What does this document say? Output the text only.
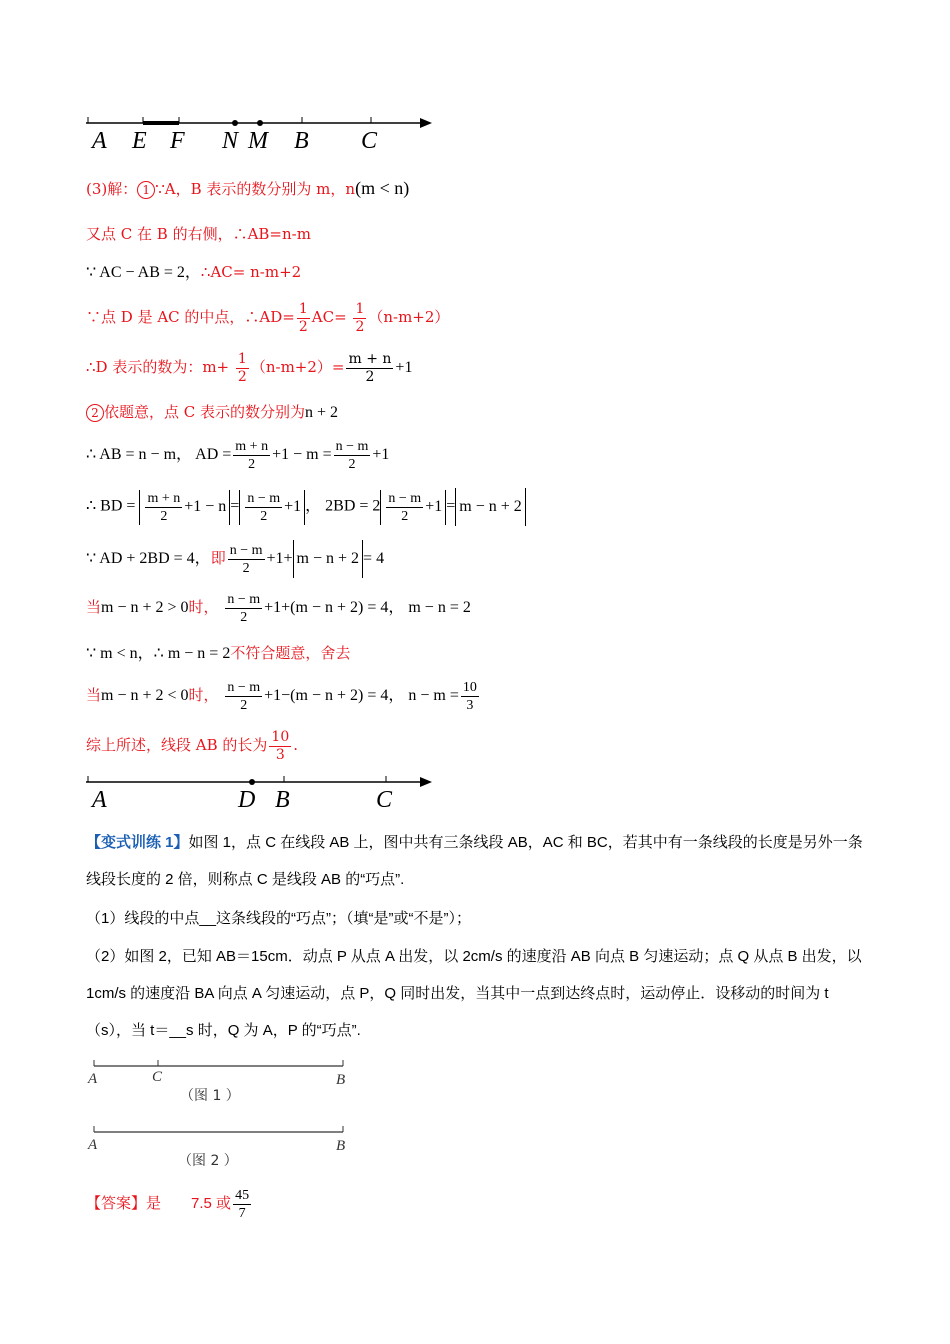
A E F N M B C
(3)解： 1 ∵A，B 表示的数分别为 m，n(m < n)
又点 C 在 B 的右侧，∴AB=n-m
∵ AC − AB = 2，∴AC= n-m+2
∵点 D 是 AC 的中点，∴AD= $\frac{1}{2} AC= \frac{1}{2} (n-m+2)$
∴D 表示的数为：$m+ \frac{1}{2} (n-m+2)= \frac{m + n}{2} +1$
2 依题意，点 C 表示的数分别为n + 2
∴ AB = n − m， AD = $\frac{m + n}{2} +1 - m = \frac{n - m}{2} +1$
∴ BD = $\frac{m + n}{2} +1 - n = \frac{n - m}{2} +1$ ， $2BD = 2 \frac{n - m}{2} +1 = m - n + 2$
∵ AD + 2BD = 4，即 $\frac{n - m}{2} +1+ m - n + 2 = 4$
当m − n + 2 > 0时， $\frac{n - m}{2} +1+(m - n + 2) = 4$， m − n = 2
∵ m < n，∴ m − n = 2不符合题意，舍去
当m − n + 2 < 0时， $\frac{n - m}{2} +1-(m - n + 2) = 4$， $n - m = \frac{10}{3}$
综上所述，线段 AB 的长为 $\frac{10}{3}$ .
A	D B	C
【变式训练 1】如图 1，点 C 在线段 AB 上，图中共有三条线段 AB，AC 和 BC，若其中有一条线段的长度是另外一条线段长度的 2 倍，则称点 C 是线段 AB 的“巧点”.
（1）线段的中点__这条线段的“巧点”；（填“是”或“不是”）；
（2）如图 2，已知 AB＝15cm．动点 P 从点 A 出发，以 2cm/s 的速度沿 AB 向点 B 匀速运动；点 Q 从点 B 出发，以 1cm/s 的速度沿 BA 向点 A 匀速运动，点 P，Q 同时出发，当其中一点到达终点时，运动停止．设移动的时间为 t（s），当 t＝__s 时，Q 为 A，P 的“巧点”.
A	C	B
（图 1 ）
A	B
（图 2 ）
【答案】是 7.5 或 $\frac{45}{7}$
